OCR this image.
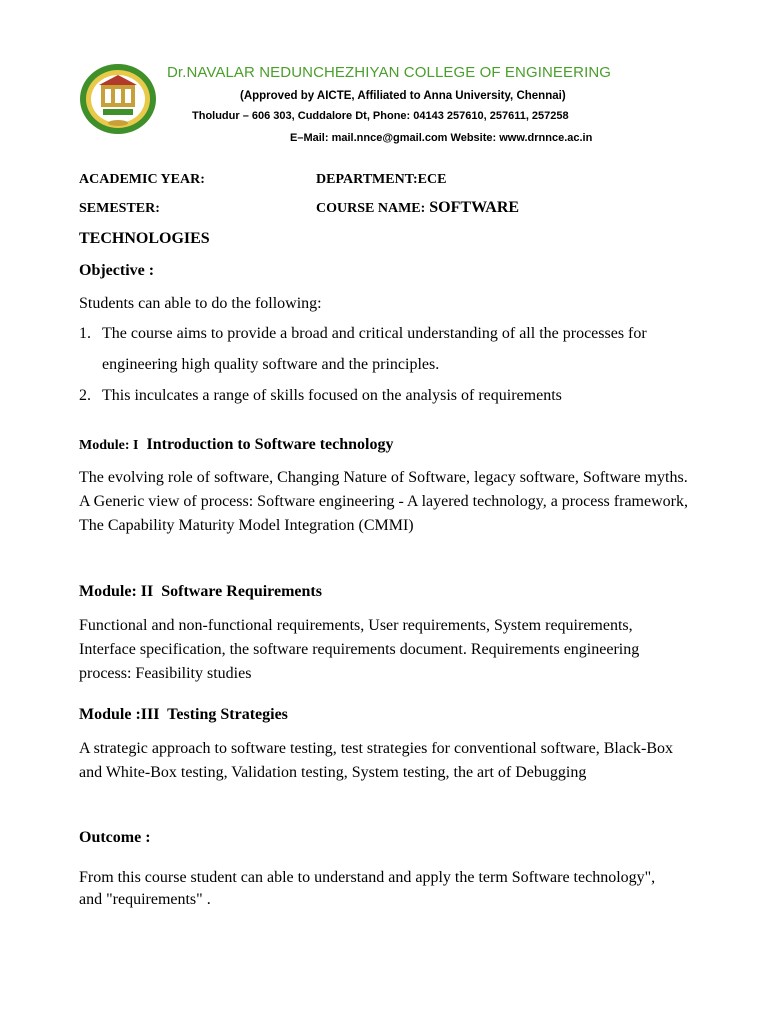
Dr.NAVALAR NEDUNCHEZHIYAN COLLEGE OF ENGINEERING
(Approved by AICTE, Affiliated to Anna University, Chennai)
Tholudur – 606 303, Cuddalore Dt, Phone: 04143 257610, 257611, 257258
E–Mail: mail.nnce@gmail.com Website: www.drnnce.ac.in
ACADEMIC YEAR:	DEPARTMENT:ECE
SEMESTER:	COURSE NAME: SOFTWARE
TECHNOLOGIES
Objective :
Students can able to do the following:
1. The course aims to provide a broad and critical understanding of all the processes for engineering high quality software and the principles.
2. This inculcates a range of skills focused on the analysis of requirements
Module: I Introduction to Software technology
The evolving role of software, Changing Nature of Software, legacy software, Software myths. A Generic view of process: Software engineering - A layered technology, a process framework, The Capability Maturity Model Integration (CMMI)
Module: II Software Requirements
Functional and non-functional requirements, User requirements, System requirements, Interface specification, the software requirements document. Requirements engineering process: Feasibility studies
Module :III Testing Strategies
A strategic approach to software testing, test strategies for conventional software, Black-Box and White-Box testing, Validation testing, System testing, the art of Debugging
Outcome :
From this course student can able to understand and apply the term Software technology", and "requirements" .
